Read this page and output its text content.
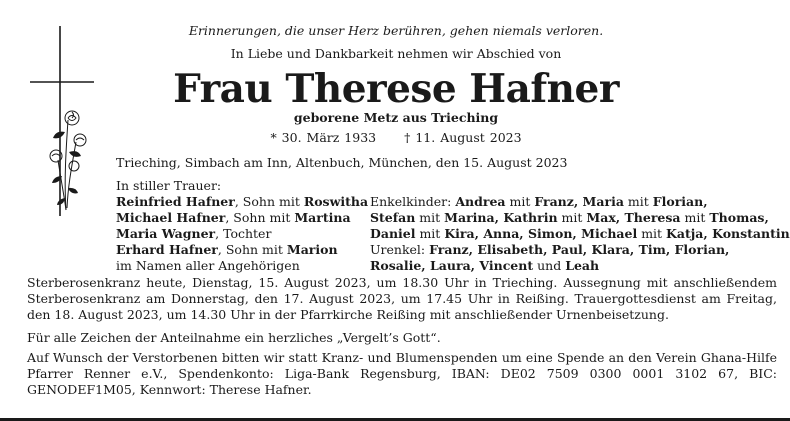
Erinnerungen, die unser Herz berühren, gehen niemals verloren.
In Liebe und Dankbarkeit nehmen wir Abschied von
Frau Therese Hafner
geborene Metz aus Trieching
* 30. März 1933 † 11. August 2023
Trieching, Simbach am Inn, Altenbuch, München, den 15. August 2023
In stiller Trauer:
Reinfried Hafner, Sohn mit Roswitha
Michael Hafner, Sohn mit Martina
Maria Wagner, Tochter
Erhard Hafner, Sohn mit Marion
im Namen aller Angehörigen
Enkelkinder: Andrea mit Franz, Maria mit Florian,
Stefan mit Marina, Kathrin mit Max, Theresa mit Thomas,
Daniel mit Kira, Anna, Simon, Michael mit Katja, Konstantin
Urenkel: Franz, Elisabeth, Paul, Klara, Tim, Florian,
Rosalie, Laura, Vincent und Leah
Sterberosenkranz heute, Dienstag, 15. August 2023, um 18.30 Uhr in Trieching. Aussegnung mit anschließendem Sterberosenkranz am Donnerstag, den 17. August 2023, um 17.45 Uhr in Reißing. Trauergottesdienst am Freitag, den 18. August 2023, um 14.30 Uhr in der Pfarrkirche Reißing mit anschließender Urnenbeisetzung.
Für alle Zeichen der Anteilnahme ein herzliches „Vergelt’s Gott“.
Auf Wunsch der Verstorbenen bitten wir statt Kranz- und Blumenspenden um eine Spende an den Verein Ghana-Hilfe Pfarrer Renner e.V., Spendenkonto: Liga-Bank Regensburg, IBAN: DE02 7509 0300 0001 3102 67, BIC: GENODEF1M05, Kennwort: Therese Hafner.
